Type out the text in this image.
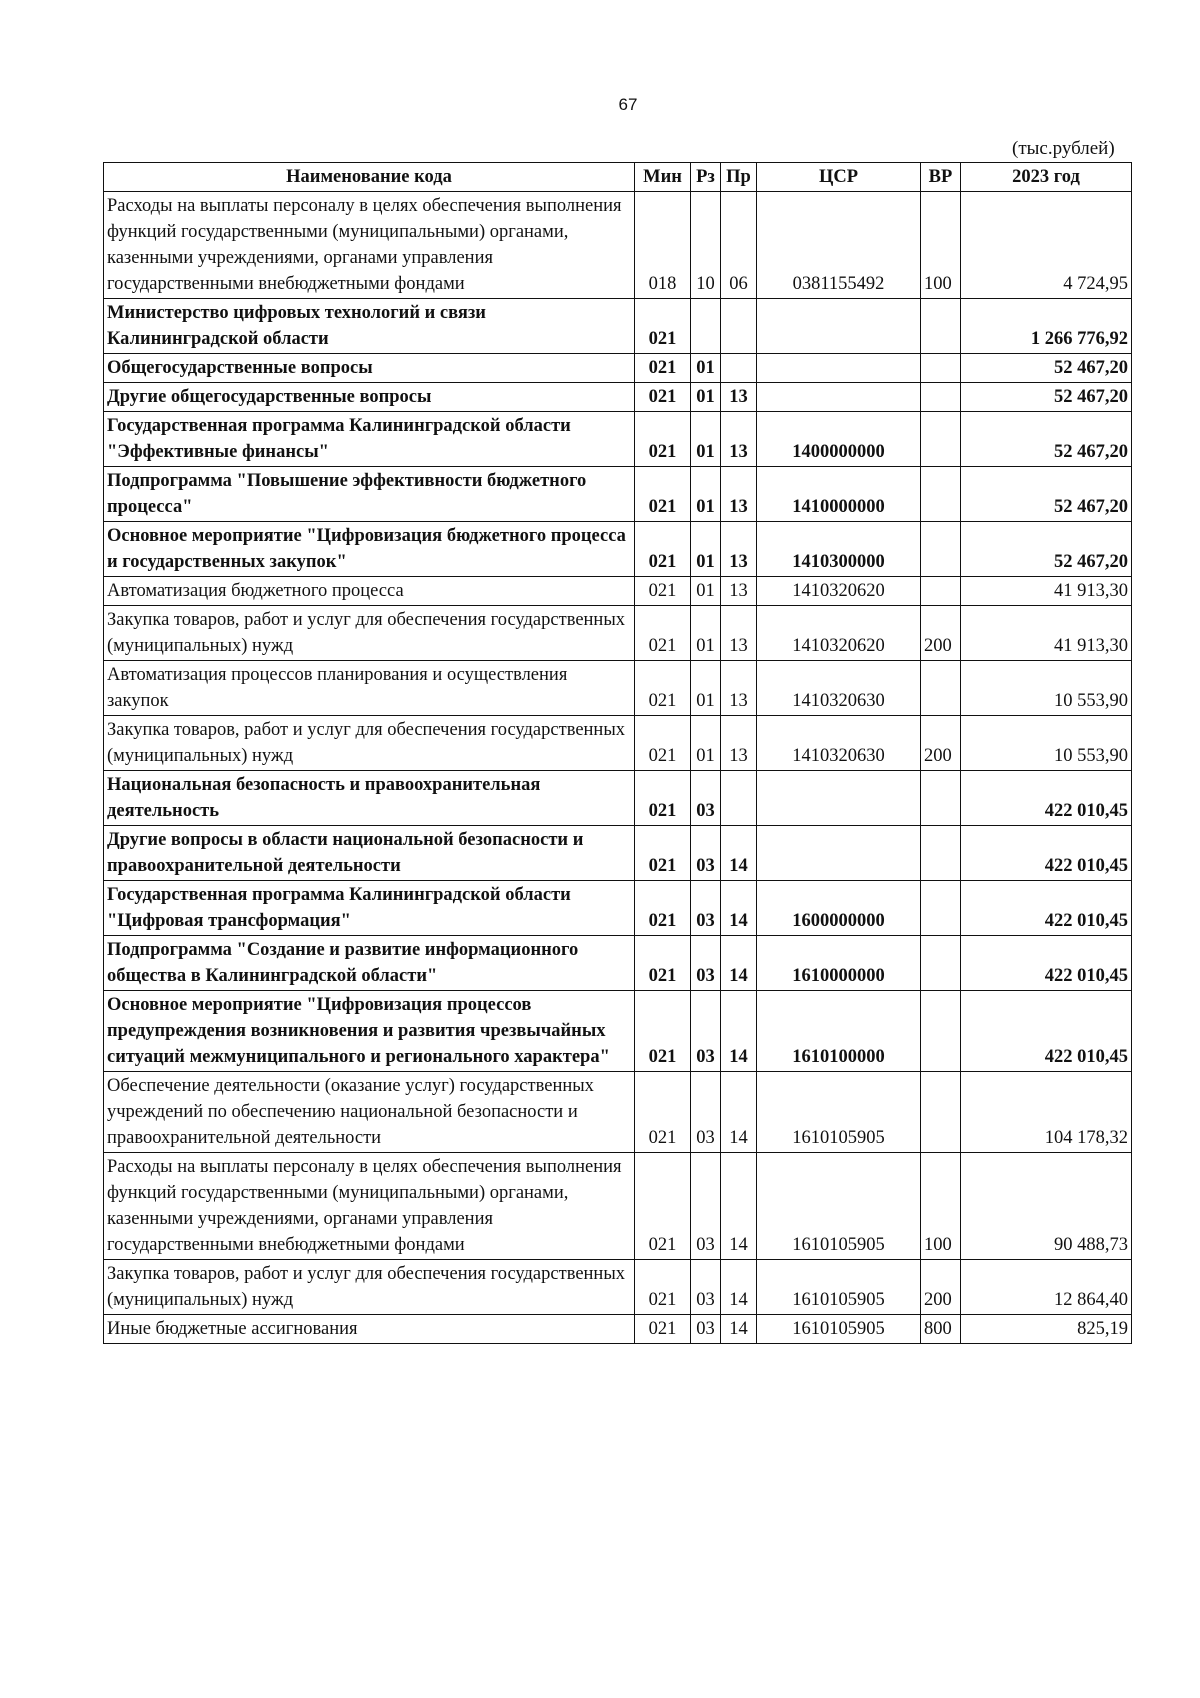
67
(тыс.рублей)
Наименование кода	Мин	Рз	Пр	ЦСР	ВР	2023 год
Расходы на выплаты персоналу в целях обеспечения выполнения функций государственными (муниципальными) органами, казенными учреждениями, органами управления государственными внебюджетными фондами	018	10	06	0381155492	100	4 724,95
Министерство цифровых технологий и связи Калининградской области	021					1 266 776,92
Общегосударственные вопросы	021	01				52 467,20
Другие общегосударственные вопросы	021	01	13			52 467,20
Государственная программа Калининградской области "Эффективные финансы"	021	01	13	1400000000		52 467,20
Подпрограмма "Повышение эффективности бюджетного процесса"	021	01	13	1410000000		52 467,20
Основное мероприятие "Цифровизация бюджетного процесса и государственных закупок"	021	01	13	1410300000		52 467,20
Автоматизация бюджетного процесса	021	01	13	1410320620		41 913,30
Закупка товаров, работ и услуг для обеспечения государственных (муниципальных) нужд	021	01	13	1410320620	200	41 913,30
Автоматизация процессов планирования и осуществления закупок	021	01	13	1410320630		10 553,90
Закупка товаров, работ и услуг для обеспечения государственных (муниципальных) нужд	021	01	13	1410320630	200	10 553,90
Национальная безопасность и правоохранительная деятельность	021	03				422 010,45
Другие вопросы в области национальной безопасности и правоохранительной деятельности	021	03	14			422 010,45
Государственная программа Калининградской области "Цифровая трансформация"	021	03	14	1600000000		422 010,45
Подпрограмма "Создание и развитие информационного общества в Калининградской области"	021	03	14	1610000000		422 010,45
Основное мероприятие "Цифровизация процессов предупреждения возникновения и развития чрезвычайных ситуаций межмуниципального и регионального характера"	021	03	14	1610100000		422 010,45
Обеспечение деятельности (оказание услуг) государственных учреждений по обеспечению национальной безопасности и правоохранительной деятельности	021	03	14	1610105905		104 178,32
Расходы на выплаты персоналу в целях обеспечения выполнения функций государственными (муниципальными) органами, казенными учреждениями, органами управления государственными внебюджетными фондами	021	03	14	1610105905	100	90 488,73
Закупка товаров, работ и услуг для обеспечения государственных (муниципальных) нужд	021	03	14	1610105905	200	12 864,40
Иные бюджетные ассигнования	021	03	14	1610105905	800	825,19
